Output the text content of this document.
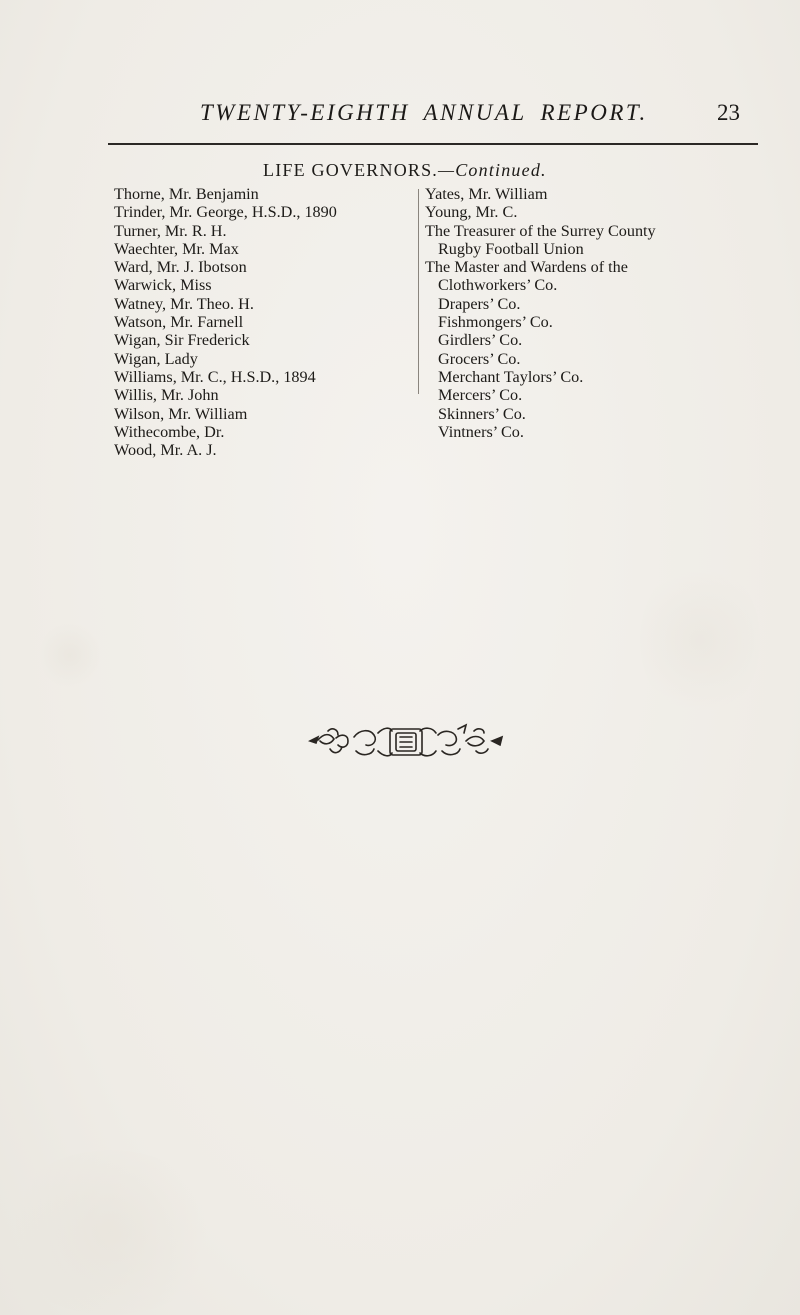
TWENTY-EIGHTH ANNUAL REPORT.	23
LIFE GOVERNORS.—Continued.
Thorne, Mr. Benjamin
Trinder, Mr. George, H.S.D., 1890
Turner, Mr. R. H.
Waechter, Mr. Max
Ward, Mr. J. Ibotson
Warwick, Miss
Watney, Mr. Theo. H.
Watson, Mr. Farnell
Wigan, Sir Frederick
Wigan, Lady
Williams, Mr. C., H.S.D., 1894
Willis, Mr. John
Wilson, Mr. William
Withecombe, Dr.
Wood, Mr. A. J.
Yates, Mr. William
Young, Mr. C.
The Treasurer of the Surrey County
Rugby Football Union
The Master and Wardens of the
Clothworkers’ Co.
Drapers’ Co.
Fishmongers’ Co.
Girdlers’ Co.
Grocers’ Co.
Merchant Taylors’ Co.
Mercers’ Co.
Skinners’ Co.
Vintners’ Co.
